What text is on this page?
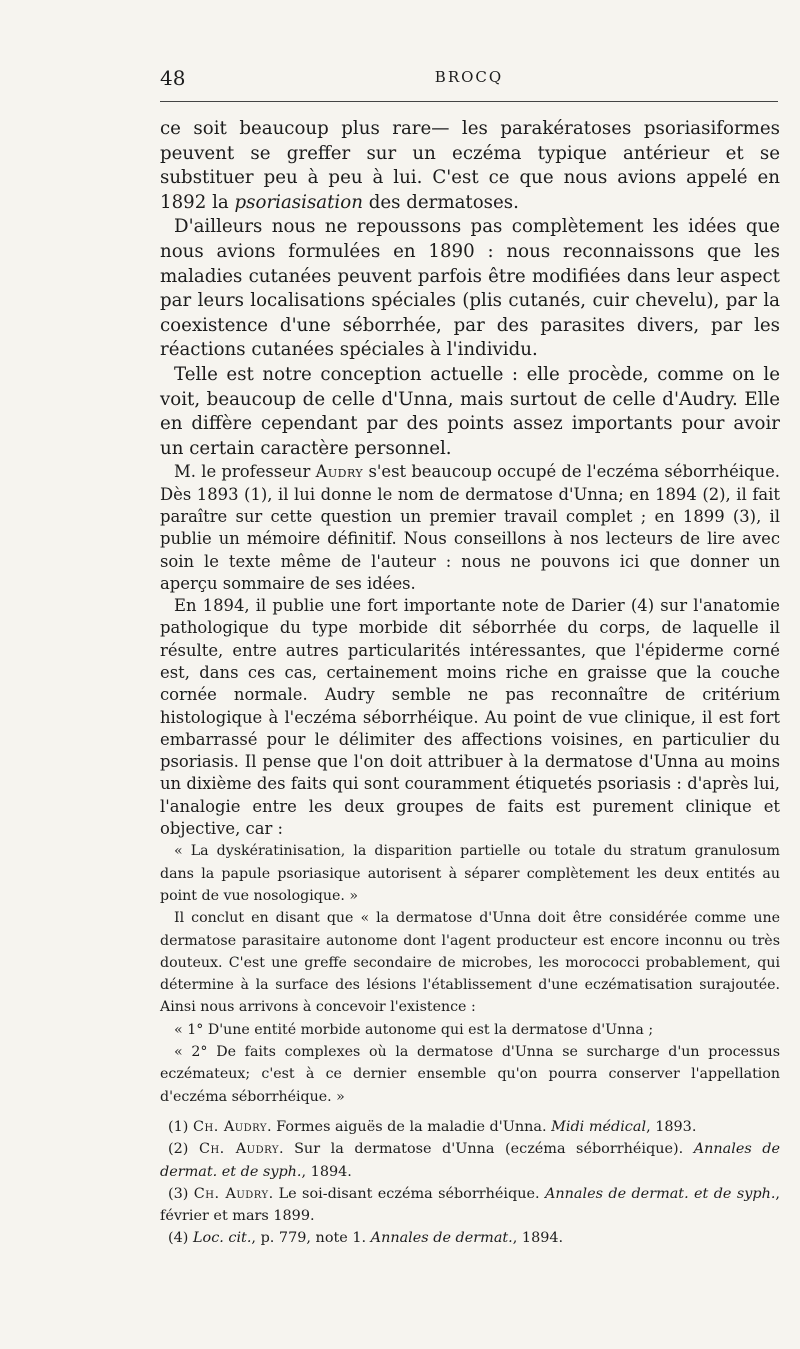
48	BROCQ

ce soit beaucoup plus rare— les parakératoses psoriasiformes peuvent se greffer sur un eczéma typique antérieur et se substituer peu à peu à lui. C'est ce que nous avions appelé en 1892 la psoriasisation des dermatoses.

D'ailleurs nous ne repoussons pas complètement les idées que nous avions formulées en 1890 : nous reconnaissons que les maladies cutanées peuvent parfois être modifiées dans leur aspect par leurs localisations spéciales (plis cutanés, cuir chevelu), par la coexistence d'une séborrhée, par des parasites divers, par les réactions cutanées spéciales à l'individu.

Telle est notre conception actuelle : elle procède, comme on le voit, beaucoup de celle d'Unna, mais surtout de celle d'Audry. Elle en diffère cependant par des points assez importants pour avoir un certain caractère personnel.

M. le professeur Audry s'est beaucoup occupé de l'eczéma séborrhéique. Dès 1893 (1), il lui donne le nom de dermatose d'Unna; en 1894 (2), il fait paraître sur cette question un premier travail complet ; en 1899 (3), il publie un mémoire définitif. Nous conseillons à nos lecteurs de lire avec soin le texte même de l'auteur : nous ne pouvons ici que donner un aperçu sommaire de ses idées.

En 1894, il publie une fort importante note de Darier (4) sur l'anatomie pathologique du type morbide dit séborrhée du corps, de laquelle il résulte, entre autres particularités intéressantes, que l'épiderme corné est, dans ces cas, certainement moins riche en graisse que la couche cornée normale. Audry semble ne pas reconnaître de critérium histologique à l'eczéma séborrhéique. Au point de vue clinique, il est fort embarrassé pour le délimiter des affections voisines, en particulier du psoriasis. Il pense que l'on doit attribuer à la dermatose d'Unna au moins un dixième des faits qui sont couramment étiquetés psoriasis : d'après lui, l'analogie entre les deux groupes de faits est purement clinique et objective, car :

« La dyskératinisation, la disparition partielle ou totale du stratum granulosum dans la papule psoriasique autorisent à séparer complètement les deux entités au point de vue nosologique. »

Il conclut en disant que « la dermatose d'Unna doit être considérée comme une dermatose parasitaire autonome dont l'agent producteur est encore inconnu ou très douteux. C'est une greffe secondaire de microbes, les morococci probablement, qui détermine à la surface des lésions l'établissement d'une eczématisation surajoutée. Ainsi nous arrivons à concevoir l'existence :

« 1° D'une entité morbide autonome qui est la dermatose d'Unna ;

« 2° De faits complexes où la dermatose d'Unna se surcharge d'un processus eczémateux; c'est à ce dernier ensemble qu'on pourra conserver l'appellation d'eczéma séborrhéique. »

(1) Ch. Audry. Formes aiguës de la maladie d'Unna. Midi médical, 1893.

(2) Ch. Audry. Sur la dermatose d'Unna (eczéma séborrhéique). Annales de dermat. et de syph., 1894.

(3) Ch. Audry. Le soi-disant eczéma séborrhéique. Annales de dermat. et de syph., février et mars 1899.

(4) Loc. cit., p. 779, note 1. Annales de dermat., 1894.
